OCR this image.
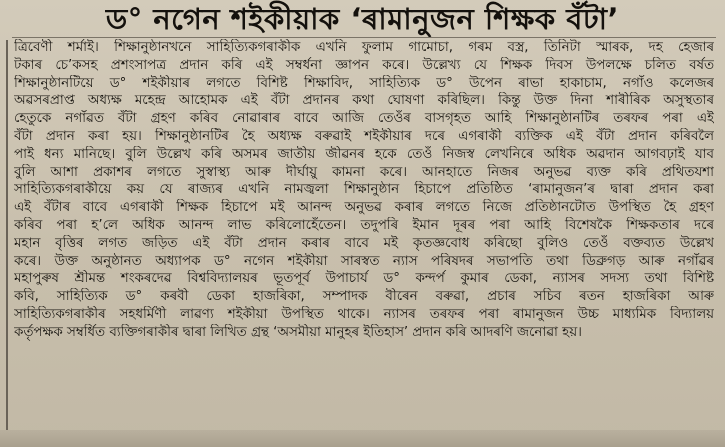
ড° নগেন শইকীয়াক ‘ৰামানুজন শিক্ষক বঁটা’
ত্ৰিবেণী শৰ্মাই। শিক্ষানুষ্ঠানখনে সাহিত্যিকগৰাকীক এখনি ফুলাম গামোচা, গৰম বস্ত্ৰ, তিনিটা স্মাৰক, দহ হেজাৰ
টকাৰ চে’কসহ প্ৰশংসাপত্ৰ প্ৰদান কৰি এই সম্বৰ্ধনা জ্ঞাপন কৰে। উল্লেখ্য যে শিক্ষক দিবস উপলক্ষে চলিত বৰ্ষত
শিক্ষানুষ্ঠানটিয়ে ড° শইকীয়াৰ লগতে বিশিষ্ট শিক্ষাবিদ, সাহিত্যিক ড° উপেন ৰাভা হাকাচাম, নগাঁও কলেজৰ
অৱসৰপ্ৰাপ্ত অধ্যক্ষ মহেন্দ্ৰ আহোমক এই বঁটা প্ৰদানৰ কথা ঘোষণা কৰিছিল। কিন্তু উক্ত দিনা শাৰীৰিক অসুস্থতাৰ
হেতুকে নগাঁৱত বঁটা গ্ৰহণ কৰিব নোৱাৰাৰ বাবে আজি তেওঁৰ বাসগৃহত আহি শিক্ষানুষ্ঠানটিৰ তৰফৰ পৰা এই
বঁটা প্ৰদান কৰা হয়। শিক্ষানুষ্ঠানটিৰ হৈ অধ্যক্ষ বৰুৱাই শইকীয়াৰ দৰে এগৰাকী ব্যক্তিক এই বঁটা প্ৰদান কৰিবলৈ
পাই ধন্য মানিছে। বুলি উল্লেখ কৰি অসমৰ জাতীয় জীৱনৰ হকে তেওঁ নিজস্ব লেখনিৰে অধিক অৱদান আগবঢ়াই যাব
বুলি আশা প্ৰকাশৰ লগতে সুস্বাস্থ্য আৰু দীৰ্ঘায়ু কামনা কৰে। আনহাতে নিজৰ অনুভৱ ব্যক্ত কৰি প্ৰথিতযশা
সাহিত্যিকগৰাকীয়ে কয় যে ৰাজ্যৰ এখনি নামজ্বলা শিক্ষানুষ্ঠান হিচাপে প্ৰতিষ্ঠিত ‘ৰামানুজন’ৰ দ্বাৰা প্ৰদান কৰা
এই বঁটাৰ বাবে এগৰাকী শিক্ষক হিচাপে মই আনন্দ অনুভৱ কৰাৰ লগতে নিজে প্ৰতিষ্ঠানটোত উপস্থিত হৈ গ্ৰহণ
কৰিব পৰা হ’লে অধিক আনন্দ লাভ কৰিলোহেঁতেন। তদুপৰি ইমান দূৰৰ পৰা আহি বিশেষকৈ শিক্ষকতাৰ দৰে
মহান বৃত্তিৰ লগত জড়িত এই বঁটা প্ৰদান কৰাৰ বাবে মই কৃতজ্ঞবোধ কৰিছো বুলিও তেওঁ বক্তব্যত উল্লেখ
কৰে। উক্ত অনুষ্ঠানত অধ্যাপক ড° নগেন শইকীয়া সাৰস্বত ন্যাস পৰিষদৰ সভাপতি তথা ডিব্ৰুগড় আৰু নগাঁৱৰ
মহাপুৰুষ শ্ৰীমন্ত শংকৰদেৱ বিশ্ববিদ্যালয়ৰ ভূতপূৰ্ব উপাচাৰ্য ড° কন্দৰ্প কুমাৰ ডেকা, ন্যাসৰ সদস্য তথা বিশিষ্ট
কবি, সাহিত্যিক ড° কৰবী ডেকা হাজৰিকা, সম্পাদক বীৰেন বৰুৱা, প্ৰচাৰ সচিব ৰতন হাজৰিকা আৰু
সাহিত্যিকগৰাকীৰ সহধৰ্মিণী লাৱণ্য শইকীয়া উপস্থিত থাকে। ন্যাসৰ তৰফৰ পৰা ৰামানুজন উচ্চ মাধ্যমিক বিদ্যালয়
কৰ্তৃপক্ষক সম্বৰ্ধিত ব্যক্তিগৰাকীৰ দ্বাৰা লিখিত গ্ৰন্থ ‘অসমীয়া মানুহৰ ইতিহাস’ প্ৰদান কৰি আদৰণি জনোৱা হয়।
